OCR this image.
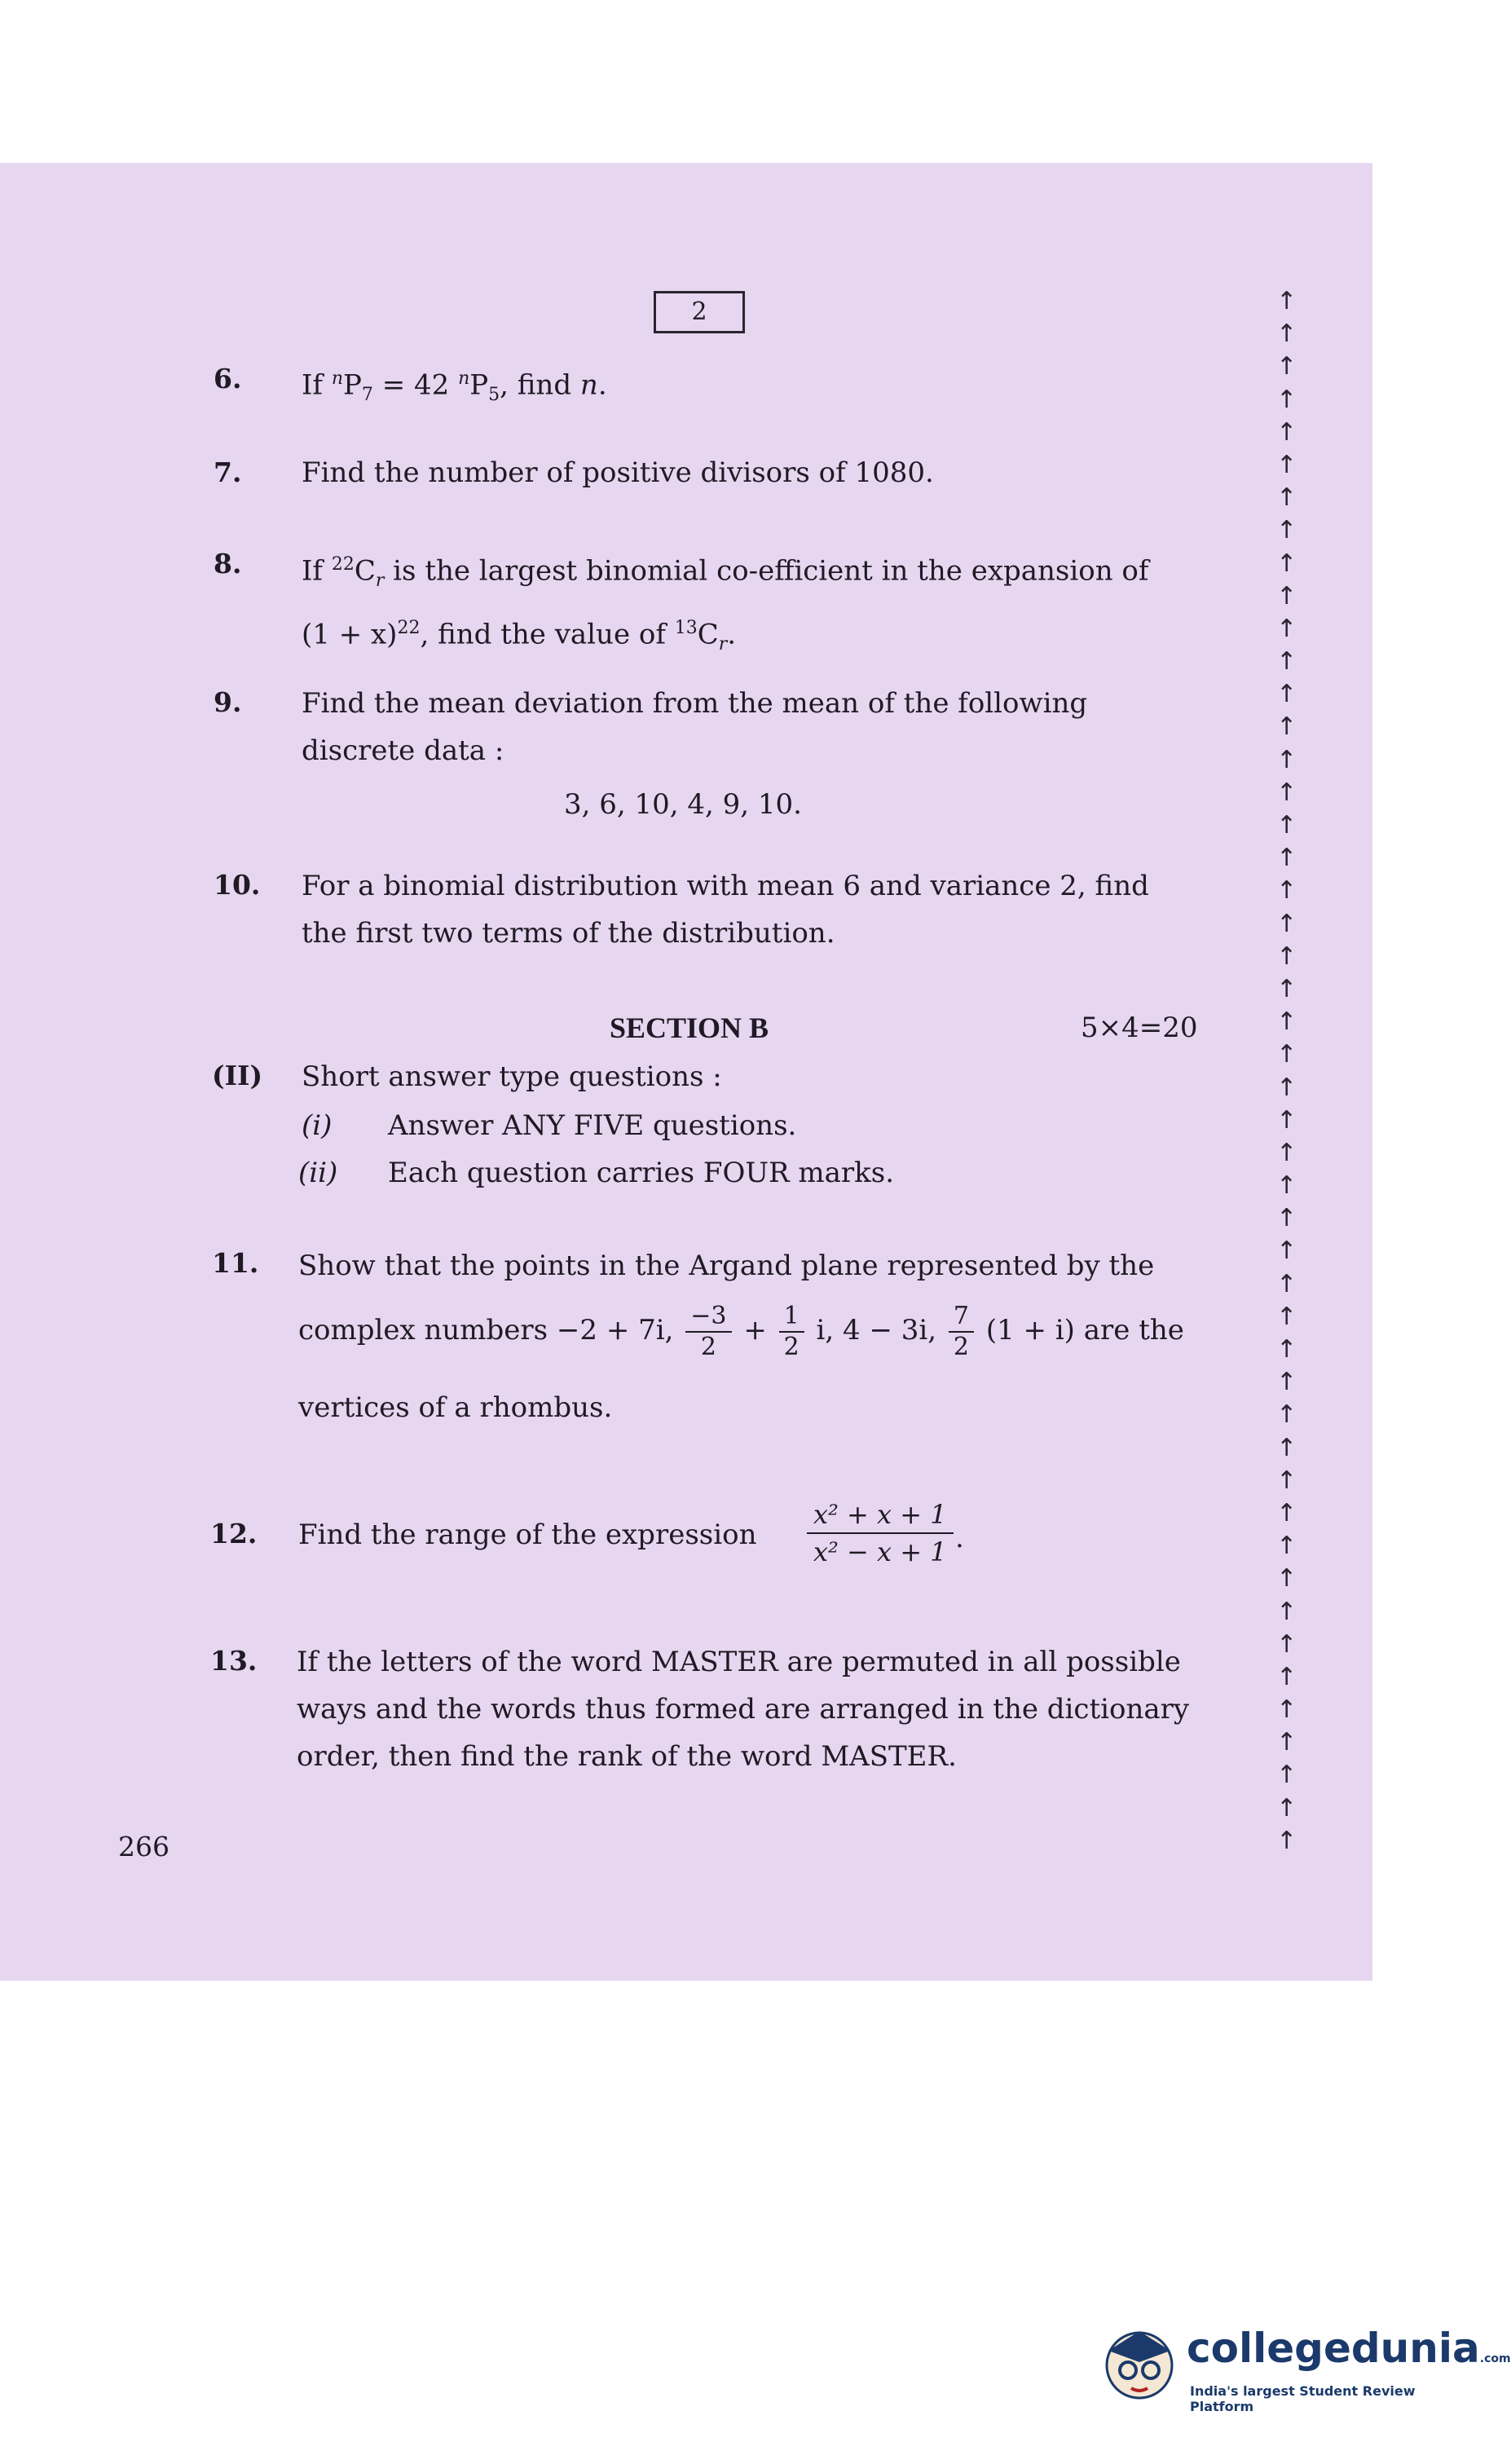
2
6. If $^nP_7 = 42$ $^nP_5$, find n.
7. Find the number of positive divisors of 1080.
8. If $^{22}C_r$ is the largest binomial co-efficient in the expansion of
$(1 + x)^{22}$, find the value of $^{13}C_r$.
9. Find the mean deviation from the mean of the following
discrete data :
3, 6, 10, 4, 9, 10.
10. For a binomial distribution with mean 6 and variance 2, find
the first two terms of the distribution.
SECTION B	5×4=20
(II) Short answer type questions :
(i) Answer ANY FIVE questions.
(ii) Each question carries FOUR marks.
11. Show that the points in the Argand plane represented by the
complex numbers −2 + 7i, $\frac{-3}{2} + \frac{1}{2} i$, 4 − 3i, $\frac{7}{2} (1 + i)$ are the
vertices of a rhombus.
12. Find the range of the expression
x² + x + 1
x² − x + 1 .
13. If the letters of the word MASTER are permuted in all possible
ways and the words thus formed are arranged in the dictionary
order, then find the rank of the word MASTER.
266
↑
↑
↑
↑
↑
↑
↑
↑
↑
↑
↑
↑
↑
↑
↑
↑
↑
↑
↑
↑
↑
↑
↑
↑
↑
↑
↑
↑
↑
↑
↑
↑
↑
↑
↑
↑
↑
↑
↑
↑
↑
↑
↑
↑
↑
↑
↑
↑
collegedunia.com
India's largest Student Review Platform
